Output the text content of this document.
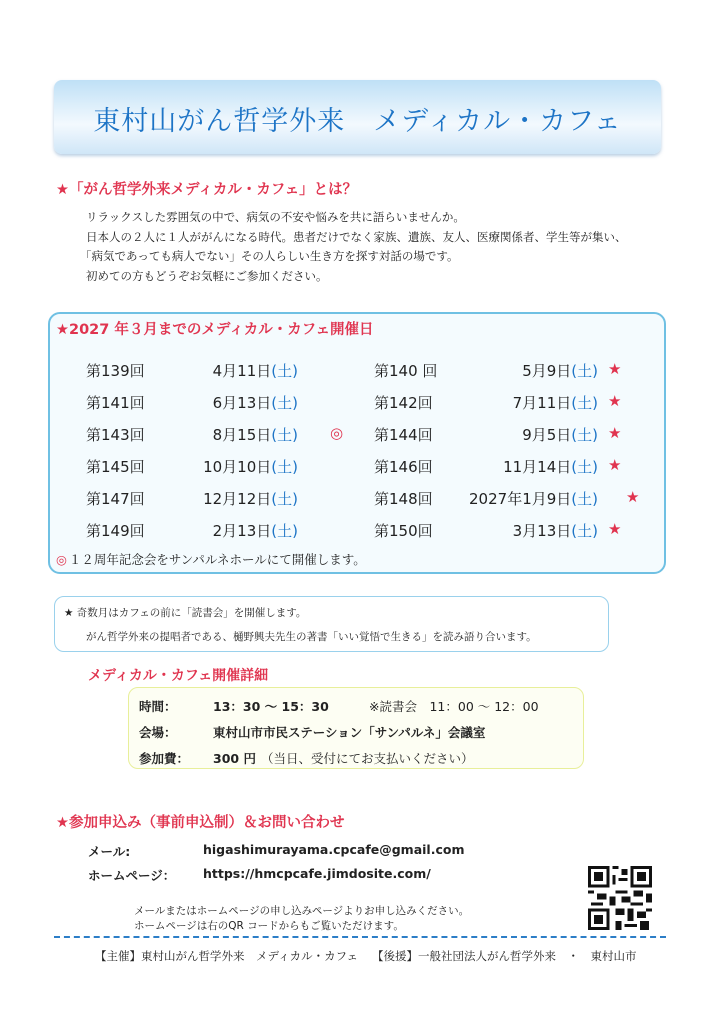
東村山がん哲学外来　メディカル・カフェ
★「がん哲学外来メディカル・カフェ」とは？
リラックスした雰囲気の中で、病気の不安や悩みを共に語らいませんか。
日本人の２人に１人ががんになる時代。患者だけでなく家族、遺族、友人、医療関係者、学生等が集い、
「病気であっても病人でない」その人らしい生き方を探す対話の場です。
初めての方もどうぞお気軽にご参加ください。
★2027 年３月までのメディカル・カフェ開催日
第139回	4月11日(土)	第140 回	5月9日(土) ★
第141回	6月13日(土)	第142回	7月11日(土) ★
第143回	8月15日(土) ◎ 第144回	9月5日(土) ★
第145回	10月10日(土)	第146回	11月14日(土) ★
第147回	12月12日(土)	第148回	2027年1月9日(土) ★
第149回	2月13日(土)	第150回	3月13日(土) ★
◎ １２周年記念会をサンパルネホールにて開催します。
★ 奇数月はカフェの前に「読書会」を開催します。
がん哲学外来の提唱者である、樋野興夫先生の著書「いい覚悟で生きる」を読み語り合います。
メディカル・カフェ開催詳細
時間：	13：30 ～ 15：30	※読書会　11：00 ～ 12：00
会場：	東村山市市民ステーション「サンパルネ」会議室
参加費： 300 円 （当日、受付にてお支払いください）
★参加申込み（事前申込制）＆お問い合わせ
メール:	higashimurayama.cpcafe@gmail.com
ホームページ： https://hmcpcafe.jimdosite.com/
メールまたはホームページの申し込みページよりお申し込みください。
ホームページは右のQR コードからもご覧いただけます。
【主催】東村山がん哲学外来　メディカル・カフェ 【後援】一般社団法人がん哲学外来　・　東村山市
